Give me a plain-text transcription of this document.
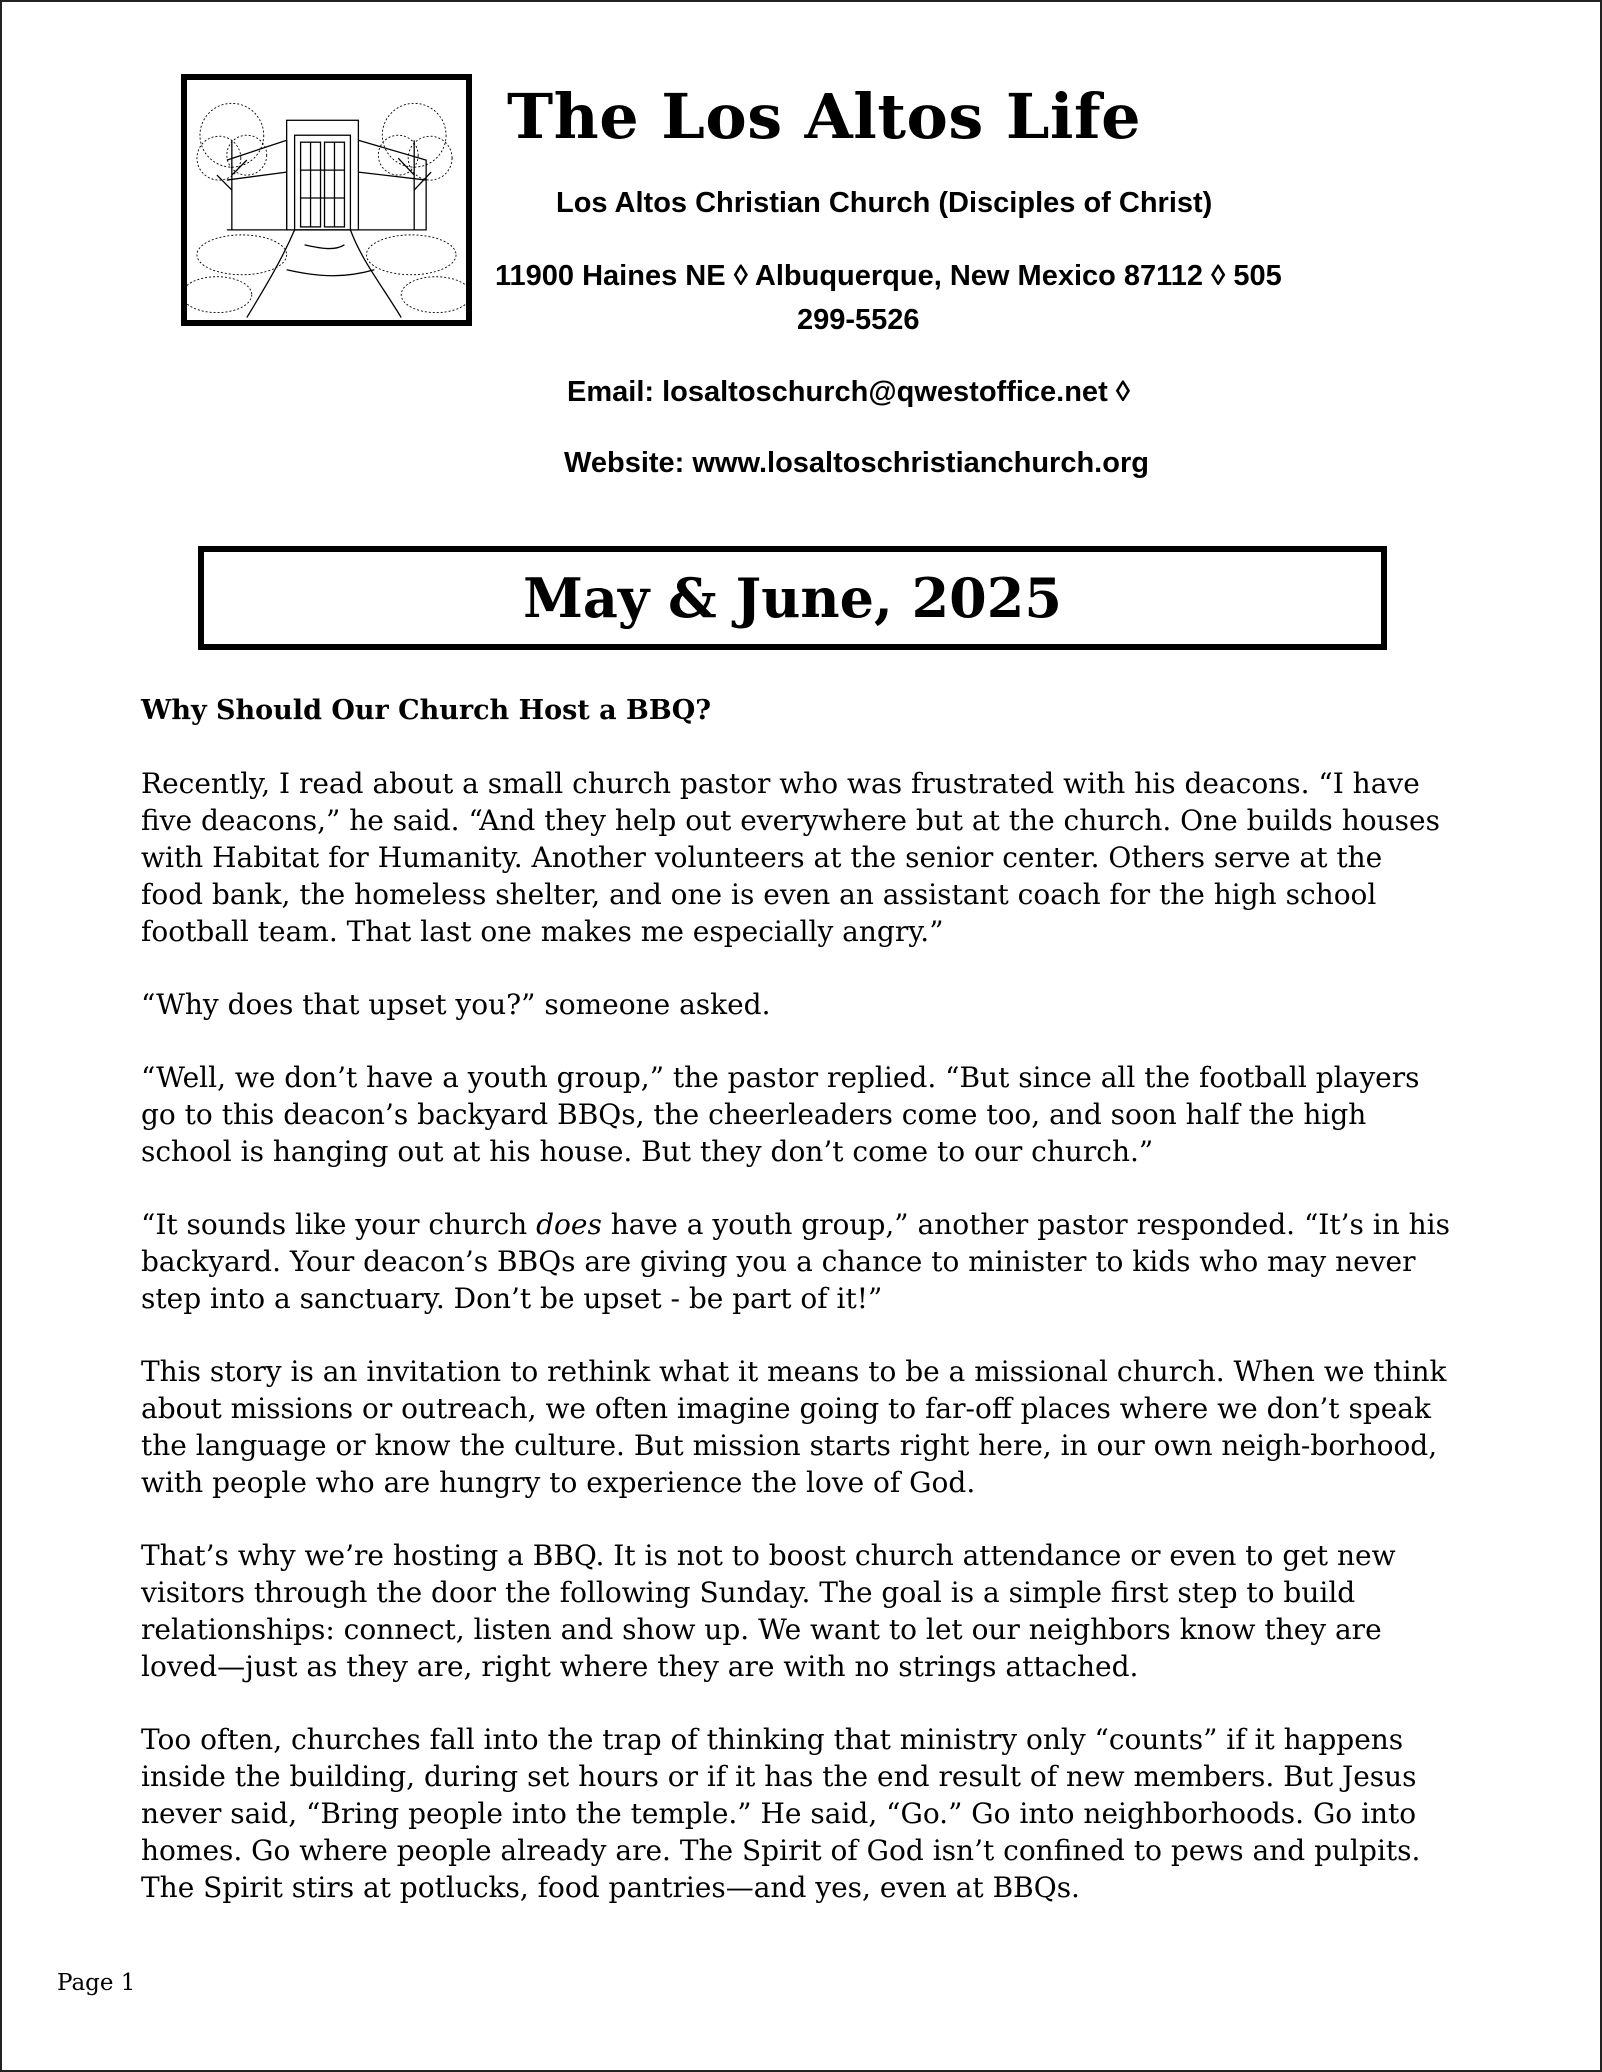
The Los Altos Life
Los Altos Christian Church (Disciples of Christ)
11900 Haines NE ◊ Albuquerque, New Mexico 87112 ◊ 505
299-5526
Email: losaltoschurch@qwestoffice.net ◊
Website: www.losaltoschristianchurch.org
May & June, 2025
Why Should Our Church Host a BBQ?

Recently, I read about a small church pastor who was frustrated with his deacons. “I have five deacons,” he said. “And they help out everywhere but at the church. One builds houses with Habitat for Humanity. Another volunteers at the senior center. Others serve at the food bank, the homeless shelter, and one is even an assistant coach for the high school football team. That last one makes me especially angry.”

“Why does that upset you?” someone asked.

“Well, we don’t have a youth group,” the pastor replied. “But since all the football players go to this deacon’s backyard BBQs, the cheerleaders come too, and soon half the high school is hanging out at his house. But they don’t come to our church.”

“It sounds like your church does have a youth group,” another pastor responded. “It’s in his backyard. Your deacon’s BBQs are giving you a chance to minister to kids who may never step into a sanctuary. Don’t be upset - be part of it!”

This story is an invitation to rethink what it means to be a missional church. When we think about missions or outreach, we often imagine going to far-off places where we don’t speak the language or know the culture. But mission starts right here, in our own neigh-borhood, with people who are hungry to experience the love of God.

That’s why we’re hosting a BBQ. It is not to boost church attendance or even to get new visitors through the door the following Sunday. The goal is a simple first step to build relationships: connect, listen and show up. We want to let our neighbors know they are loved—just as they are, right where they are with no strings attached.

Too often, churches fall into the trap of thinking that ministry only “counts” if it happens inside the building, during set hours or if it has the end result of new members. But Jesus never said, “Bring people into the temple.” He said, “Go.” Go into neighborhoods. Go into homes. Go where people already are. The Spirit of God isn’t confined to pews and pulpits. The Spirit stirs at potlucks, food pantries—and yes, even at BBQs.

Page 1
